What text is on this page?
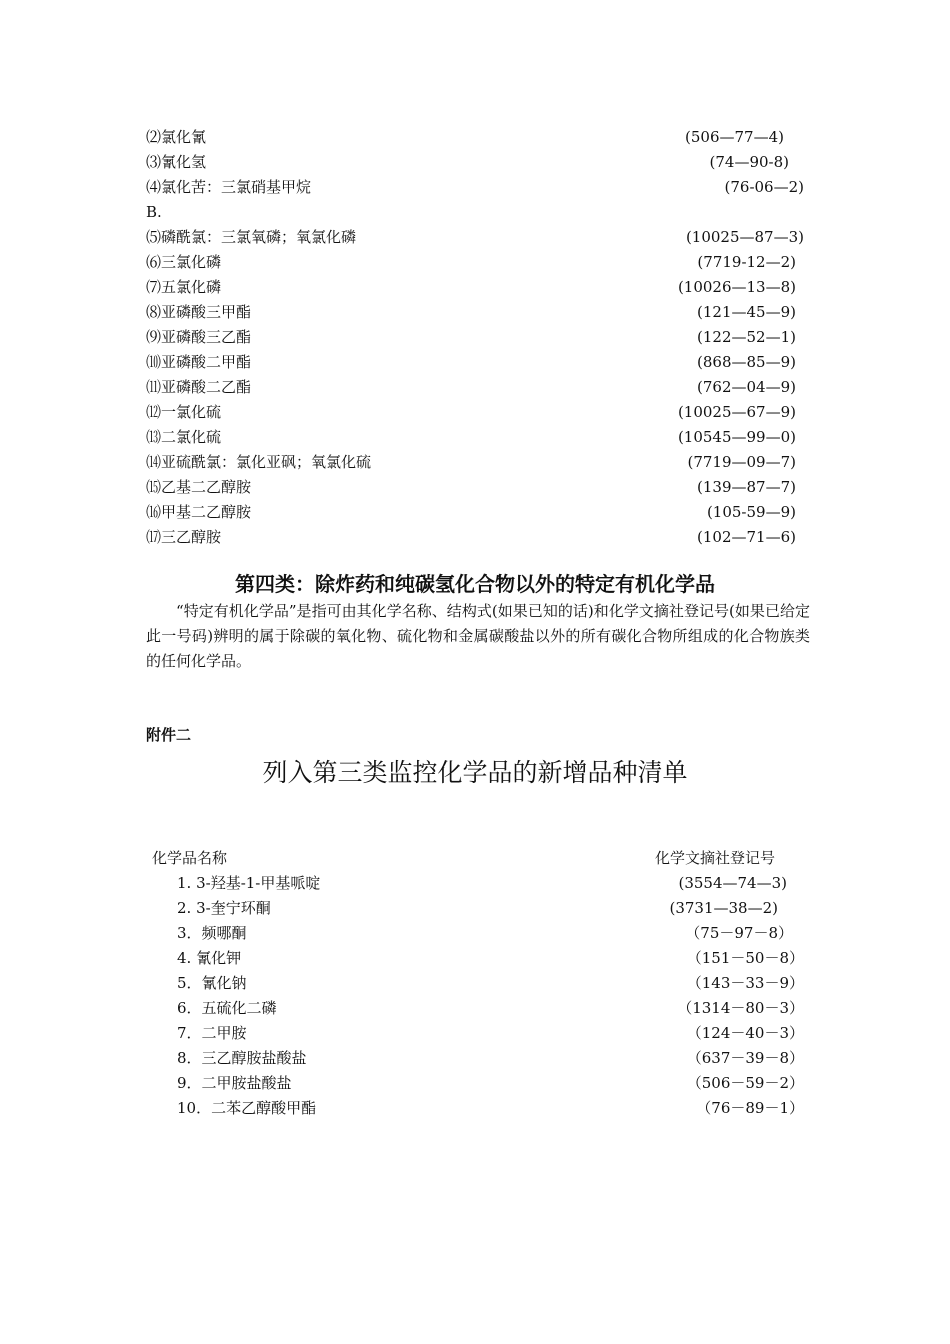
⑵氯化氰	(506—77—4)
⑶氰化氢	(74—90-8)
⑷氯化苦：三氯硝基甲烷	(76-06—2)
B.
⑸磷酰氯：三氯氧磷；氧氯化磷	(10025—87—3)
⑹三氯化磷	(7719-12—2)
⑺五氯化磷	(10026—13—8)
⑻亚磷酸三甲酯	(121—45—9)
⑼亚磷酸三乙酯	(122—52—1)
⑽亚磷酸二甲酯	(868—85—9)
⑾亚磷酸二乙酯	(762—04—9)
⑿一氯化硫	(10025—67—9)
⒀二氯化硫	(10545—99—0)
⒁亚硫酰氯：氯化亚砜；氧氯化硫	(7719—09—7)
⒂乙基二乙醇胺	(139—87—7)
⒃甲基二乙醇胺	(105-59—9)
⒄三乙醇胺	(102—71—6)
第四类：除炸药和纯碳氢化合物以外的特定有机化学品
“特定有机化学品”是指可由其化学名称、结构式(如果已知的话)和化学文摘社登记号(如果已给定此一号码)辨明的属于除碳的氧化物、硫化物和金属碳酸盐以外的所有碳化合物所组成的化合物族类的任何化学品。
附件二
列入第三类监控化学品的新增品种清单
化学品名称	化学文摘社登记号
1. 3-羟基-1-甲基哌啶	(3554—74—3)
2. 3-奎宁环酮	(3731—38—2)
3．频哪酮	（75－97－8）
4. 氰化钾	（151－50－8）
5．氰化钠	（143－33－9）
6．五硫化二磷	（1314－80－3）
7．二甲胺	（124－40－3）
8．三乙醇胺盐酸盐	（637－39－8）
9．二甲胺盐酸盐	（506－59－2）
10．二苯乙醇酸甲酯	（76－89－1）
